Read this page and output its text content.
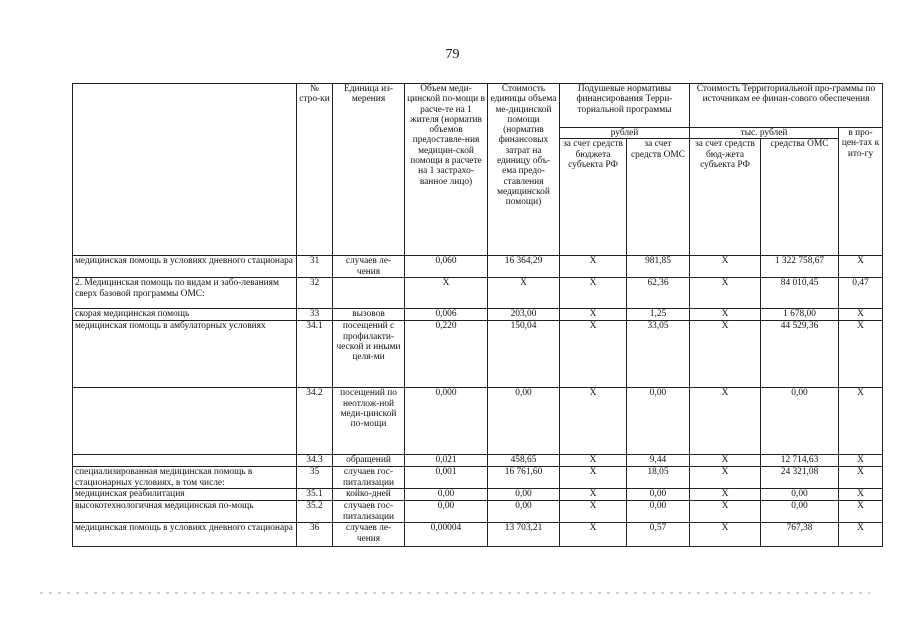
79
	№ стро-ки	Единица из-мерения	Объем меди-цинской по-мощи в расче-те на 1 жителя (норматив объемов предоставле-ния медицин-ской помощи в расчете на 1 застрахо-ванное лицо)	Стоимость единицы объема ме-дицинской помощи (норматив финансовых затрат на единицу объ-ема предо-ставления медицинской помощи)	Подушевые нормативы финансирования Терри-ториальной программы		Стоимость Территориальной про-граммы по источникам ее финан-сового обеспечения		
					рублей		тыс. рублей		в про-цен-тах к ито-гу
					за счет средств бюджета субъекта РФ	за счет средств ОМС	за счет средств бюд-жета субъекта РФ	средства ОМС	
медицинская помощь в условиях дневного стационара	31	случаев ле-чения	0,060	16 364,29	X	981,85	X	1 322 758,67	X
2. Медицинская помощь по видам и забо-леваниям сверх базовой программы ОМС:	32		X	X	X	62,36	X	84 010,45	0,47
скорая медицинская помощь	33	вызовов	0,006	203,00	X	1,25	X	1 678,00	X
медицинская помощь в амбулаторных условиях	34.1	посещений с профилакти-ческой и иными целя-ми	0,220	150,04	X	33,05	X	44 529,36	X
	34.2	посещений по неотлож-ной меди-цинской по-мощи	0,000	0,00	X	0,00	X	0,00	X
	34.3	обращений	0,021	458,65	X	9,44	X	12 714,63	X
специализированная медицинская помощь в стационарных условиях, в том числе:	35	случаев гос-питализации	0,001	16 761,60	X	18,05	X	24 321,08	X
медицинская реабилитация	35.1	койко-дней	0,00	0,00	X	0,00	X	0,00	X
высокотехнологичная медицинская по-мощь	35.2	случаев гос-питализации	0,00	0,00	X	0,00	X	0,00	X
медицинская помощь в условиях дневного стационара	36	случаев ле-чения	0,00004	13 703,21	X	0,57	X	767,38	X
